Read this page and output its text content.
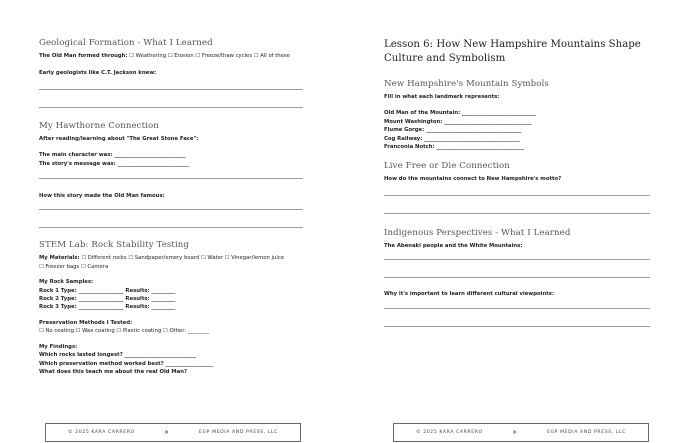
Geological Formation - What I Learned

The Old Man formed through: ☐ Weathering ☐ Erosion ☐ Freeze/thaw cycles ☐ All of these

Early geologists like C.T. Jackson knew:

My Hawthorne Connection

After reading/learning about "The Great Stone Face":

The main character was: ___________________________

The story's message was: ___________________________

How this story made the Old Man famous:

STEM Lab: Rock Stability Testing

My Materials: ☐ Different rocks ☐ Sandpaper/emery board ☐ Water ☐ Vinegar/lemon juice

☐ Freezer bags ☐ Camera

My Rock Samples:

Rock 1 Type: _________________ Results: _________

Rock 2 Type: _________________ Results: _________

Rock 3 Type: _________________ Results: _________

Preservation Methods I Tested:

☐ No coating ☐ Wax coating ☐ Plastic coating ☐ Other: ________

My Findings:

Which rocks lasted longest? ___________________________

Which preservation method worked best? __________________

What does this teach me about the real Old Man?

© 2025 KARA CARRERO	×	EGP MEDIA AND PRESS, LLC
Lesson 6: How New Hampshire Mountains Shape Culture and Symbolism
New Hampshire's Mountain Symbols

Fill in what each landmark represents:

Old Man of the Mountain: ____________________________

Mount Washington: _________________________________

Flume Gorge: ____________________________________

Cog Railway: ____________________________________

Franconia Notch: _________________________________

Live Free or Die Connection

How do the mountains connect to New Hampshire's motto?

Indigenous Perspectives - What I Learned

The Abenaki people and the White Mountains:

Why it's important to learn different cultural viewpoints:

© 2025 KARA CARRERO	×	EGP MEDIA AND PRESS, LLC
